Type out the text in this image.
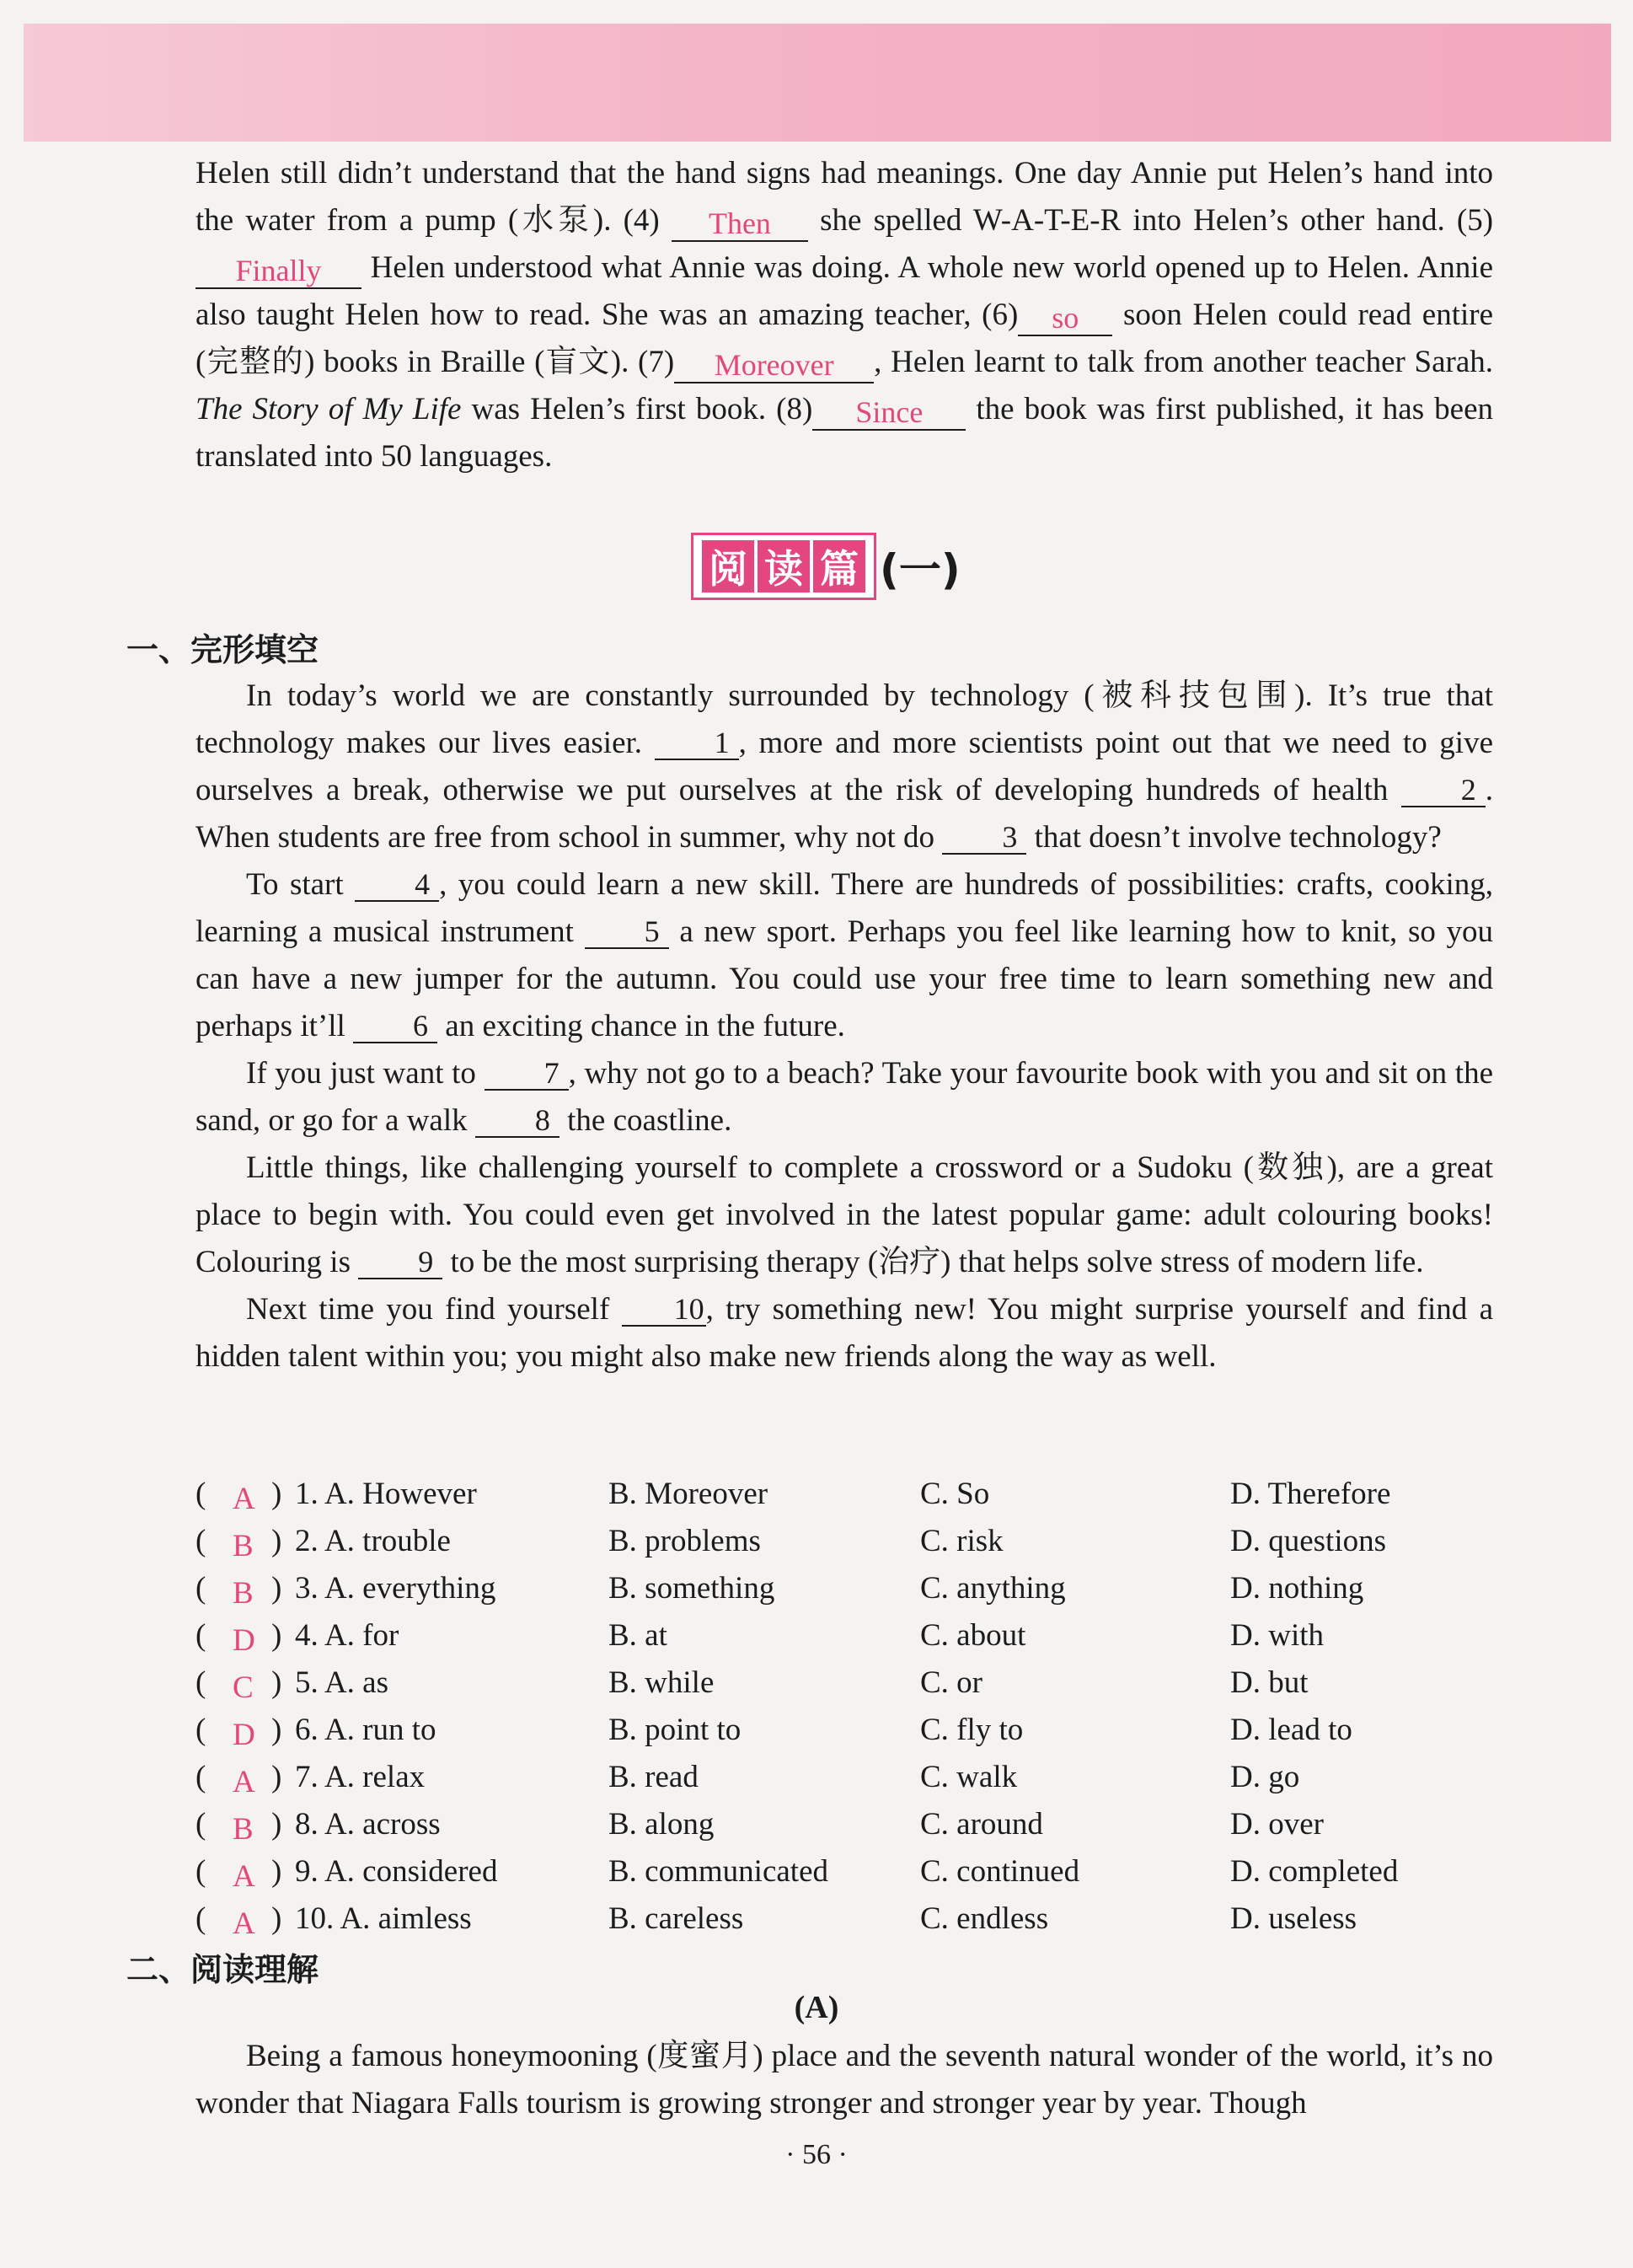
Helen still didn’t understand that the hand signs had meanings. One day Annie put Helen’s hand into the water from a pump (水泵). (4) Then she spelled W-A-T-E-R into Helen’s other hand. (5)Finally Helen understood what Annie was doing. A whole new world opened up to Helen. Annie also taught Helen how to read. She was an amazing teacher, (6) so soon Helen could read entire (完整的) books in Braille (盲文). (7) Moreover , Helen learnt to talk from another teacher Sarah. The Story of My Life was Helen’s first book. (8) Since the book was first published, it has been translated into 50 languages.

阅 读 篇 (一)
一、完形填空

In today’s world we are constantly surrounded by technology (被科技包围). It’s true that technology makes our lives easier. 1 , more and more scientists point out that we need to give ourselves a break, otherwise we put ourselves at the risk of developing hundreds of health 2 . When students are free from school in summer, why not do 3 that doesn’t involve technology?

To start 4 , you could learn a new skill. There are hundreds of possibilities: crafts, cooking, learning a musical instrument 5 a new sport. Perhaps you feel like learning how to knit, so you can have a new jumper for the autumn. You could use your free time to learn something new and perhaps it’ll 6 an exciting chance in the future.

If you just want to 7 , why not go to a beach? Take your favourite book with you and sit on the sand, or go for a walk 8 the coastline.

Little things, like challenging yourself to complete a crossword or a Sudoku (数独), are a great place to begin with. You could even get involved in the latest popular game: adult colouring books! Colouring is 9 to be the most surprising therapy (治疗) that helps solve stress of modern life.

Next time you find yourself 10, try something new! You might surprise yourself and find a hidden talent within you; you might also make new friends along the way as well.

( A ) 1. A. However	B. Moreover	C. So	D. Therefore
( B ) 2. A. trouble	B. problems	C. risk	D. questions
( B ) 3. A. everything	B. something	C. anything	D. nothing
( D ) 4. A. for	B. at	C. about	D. with
( C ) 5. A. as	B. while	C. or	D. but
( D ) 6. A. run to	B. point to	C. fly to	D. lead to
( A ) 7. A. relax	B. read	C. walk	D. go
( B ) 8. A. across	B. along	C. around	D. over
( A ) 9. A. considered	B. communicated	C. continued	D. completed
( A ) 10. A. aimless	B. careless	C. endless	D. useless
二、阅读理解
(A)

Being a famous honeymooning (度蜜月) place and the seventh natural wonder of the world, it’s no wonder that Niagara Falls tourism is growing stronger and stronger year by year. Though

· 56 ·
